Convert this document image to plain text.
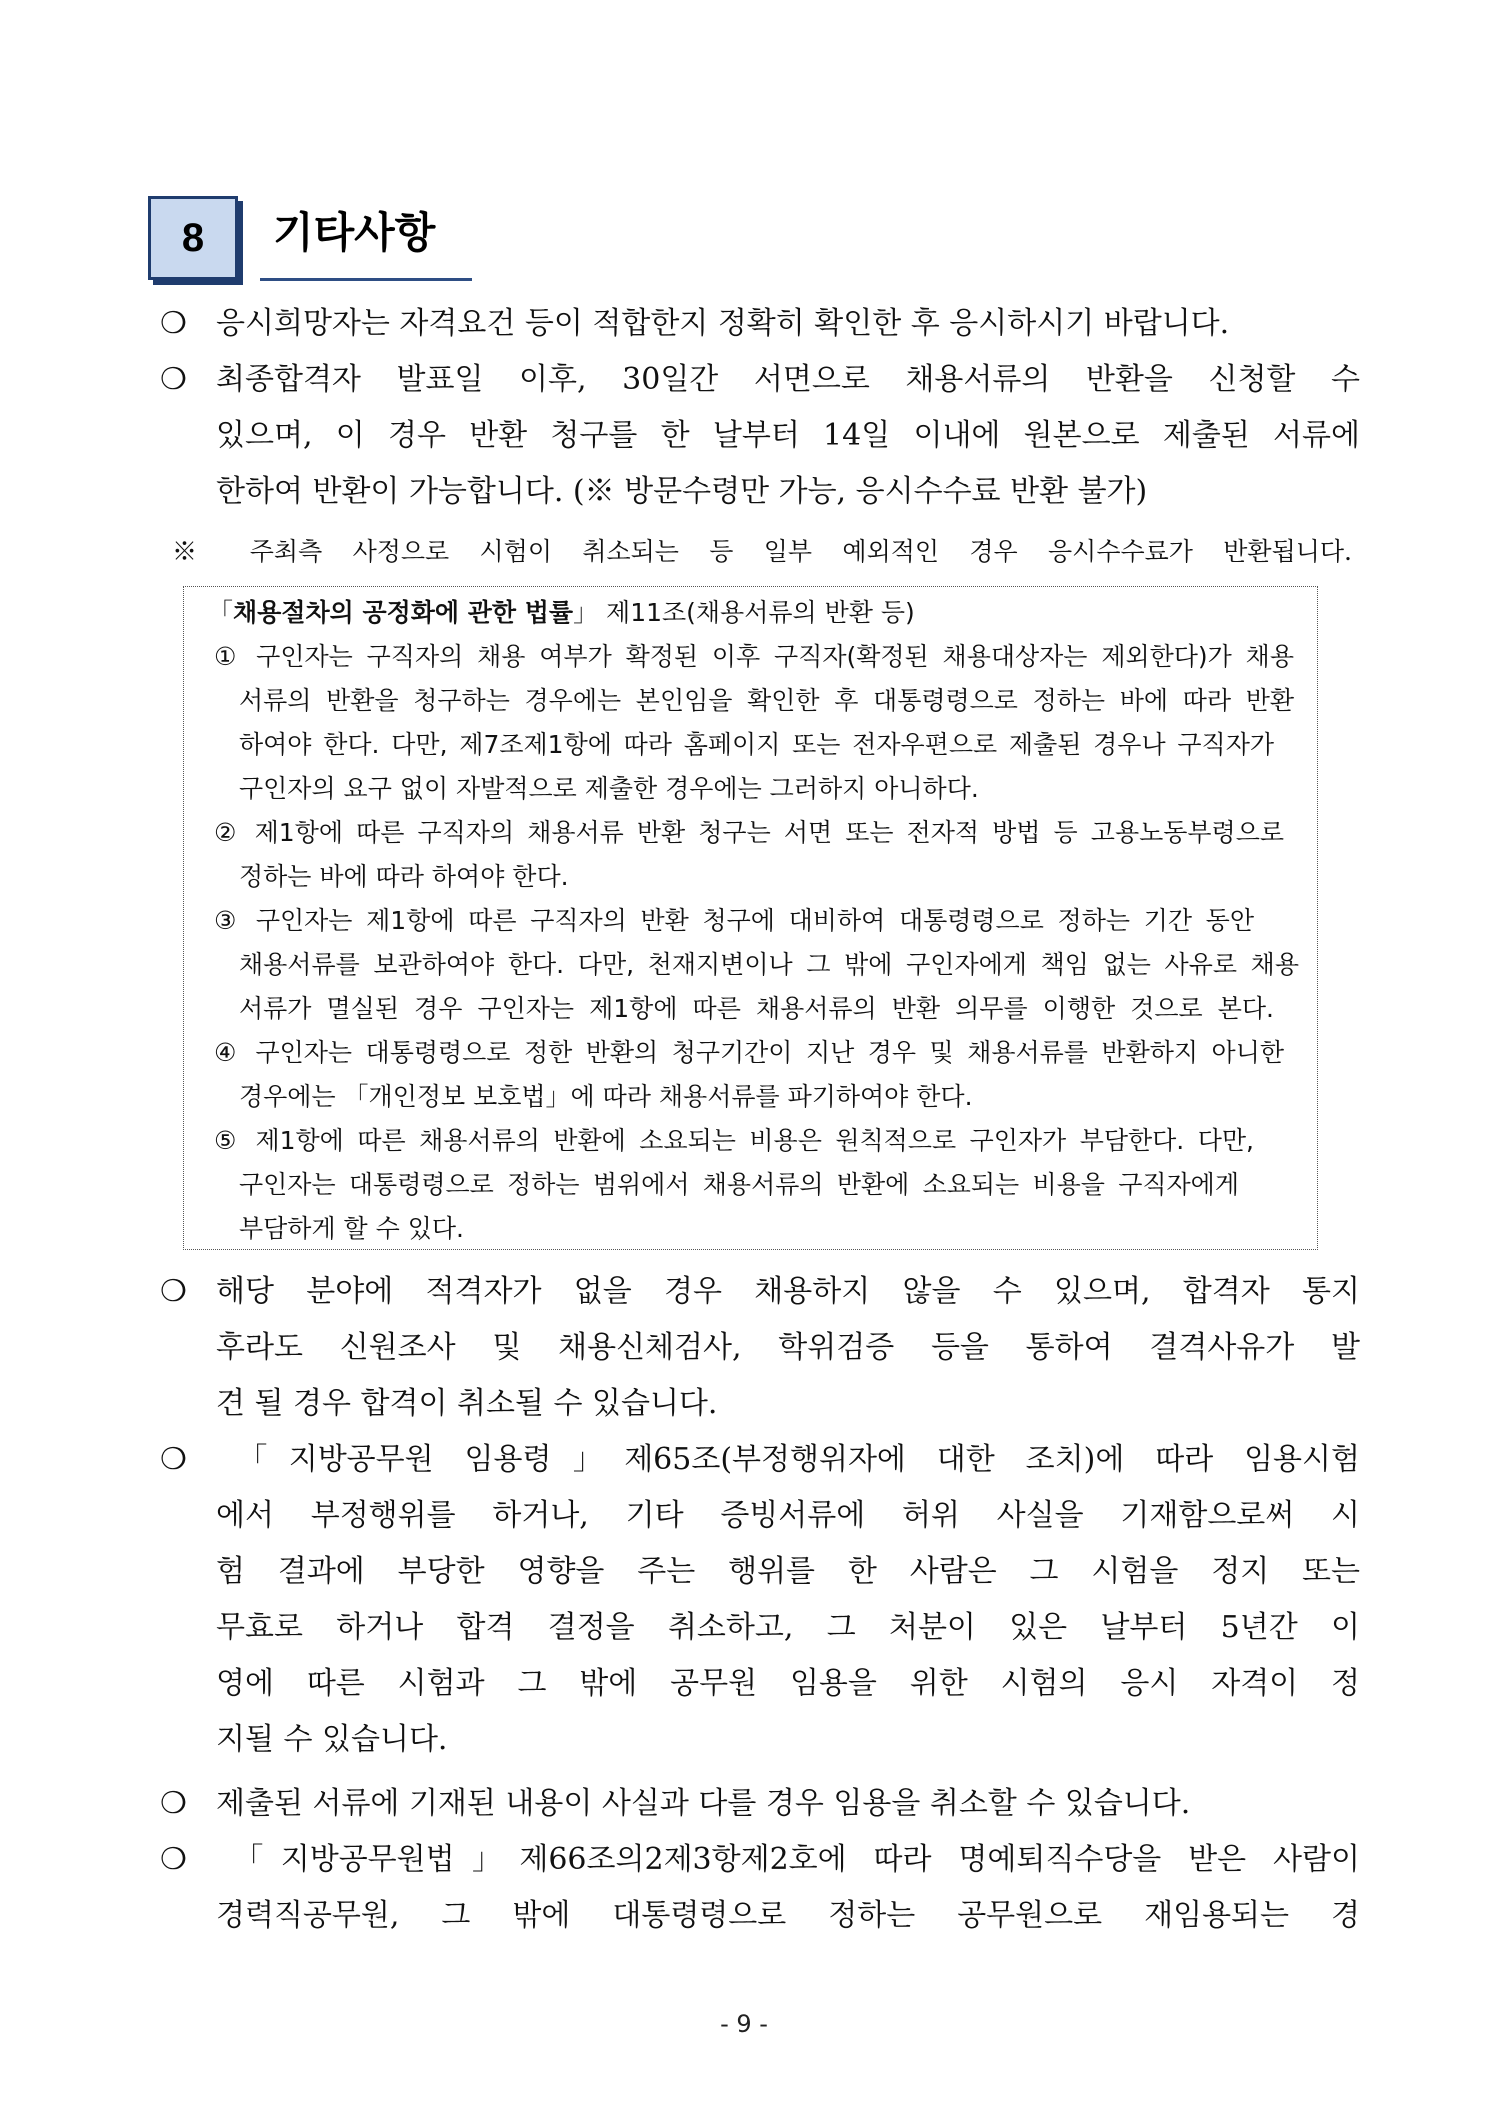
8	기타사항
❍ 응시희망자는 자격요건 등이 적합한지 정확히 확인한 후 응시하시기 바랍니다.
❍ 최종합격자 발표일 이후, 30일간 서면으로 채용서류의 반환을 신청할 수
있으며, 이 경우 반환 청구를 한 날부터 14일 이내에 원본으로 제출된 서류에
한하여 반환이 가능합니다. (※ 방문수령만 가능, 응시수수료 반환 불가)
※ 주최측 사정으로 시험이 취소되는 등 일부 예외적인 경우 응시수수료가 반환됩니다.
「채용절차의 공정화에 관한 법률」 제11조(채용서류의 반환 등)
① 구인자는 구직자의 채용 여부가 확정된 이후 구직자(확정된 채용대상자는 제외한다)가 채용
서류의 반환을 청구하는 경우에는 본인임을 확인한 후 대통령령으로 정하는 바에 따라 반환
하여야 한다. 다만, 제7조제1항에 따라 홈페이지 또는 전자우편으로 제출된 경우나 구직자가
구인자의 요구 없이 자발적으로 제출한 경우에는 그러하지 아니하다.
② 제1항에 따른 구직자의 채용서류 반환 청구는 서면 또는 전자적 방법 등 고용노동부령으로
정하는 바에 따라 하여야 한다.
③ 구인자는 제1항에 따른 구직자의 반환 청구에 대비하여 대통령령으로 정하는 기간 동안
채용서류를 보관하여야 한다. 다만, 천재지변이나 그 밖에 구인자에게 책임 없는 사유로 채용
서류가 멸실된 경우 구인자는 제1항에 따른 채용서류의 반환 의무를 이행한 것으로 본다.
④ 구인자는 대통령령으로 정한 반환의 청구기간이 지난 경우 및 채용서류를 반환하지 아니한
경우에는 「개인정보 보호법」에 따라 채용서류를 파기하여야 한다.
⑤ 제1항에 따른 채용서류의 반환에 소요되는 비용은 원칙적으로 구인자가 부담한다. 다만,
구인자는 대통령령으로 정하는 범위에서 채용서류의 반환에 소요되는 비용을 구직자에게
부담하게 할 수 있다.
❍ 해당 분야에 적격자가 없을 경우 채용하지 않을 수 있으며, 합격자 통지
후라도 신원조사 및 채용신체검사, 학위검증 등을 통하여 결격사유가 발
견 될 경우 합격이 취소될 수 있습니다.
❍ 「지방공무원 임용령」제65조(부정행위자에 대한 조치)에 따라 임용시험
에서 부정행위를 하거나, 기타 증빙서류에 허위 사실을 기재함으로써 시
험 결과에 부당한 영향을 주는 행위를 한 사람은 그 시험을 정지 또는
무효로 하거나 합격 결정을 취소하고, 그 처분이 있은 날부터 5년간 이
영에 따른 시험과 그 밖에 공무원 임용을 위한 시험의 응시 자격이 정
지될 수 있습니다.
❍ 제출된 서류에 기재된 내용이 사실과 다를 경우 임용을 취소할 수 있습니다.
❍ 「지방공무원법」제66조의2제3항제2호에 따라 명예퇴직수당을 받은 사람이
경력직공무원, 그 밖에 대통령령으로 정하는 공무원으로 재임용되는 경
- 9 -
